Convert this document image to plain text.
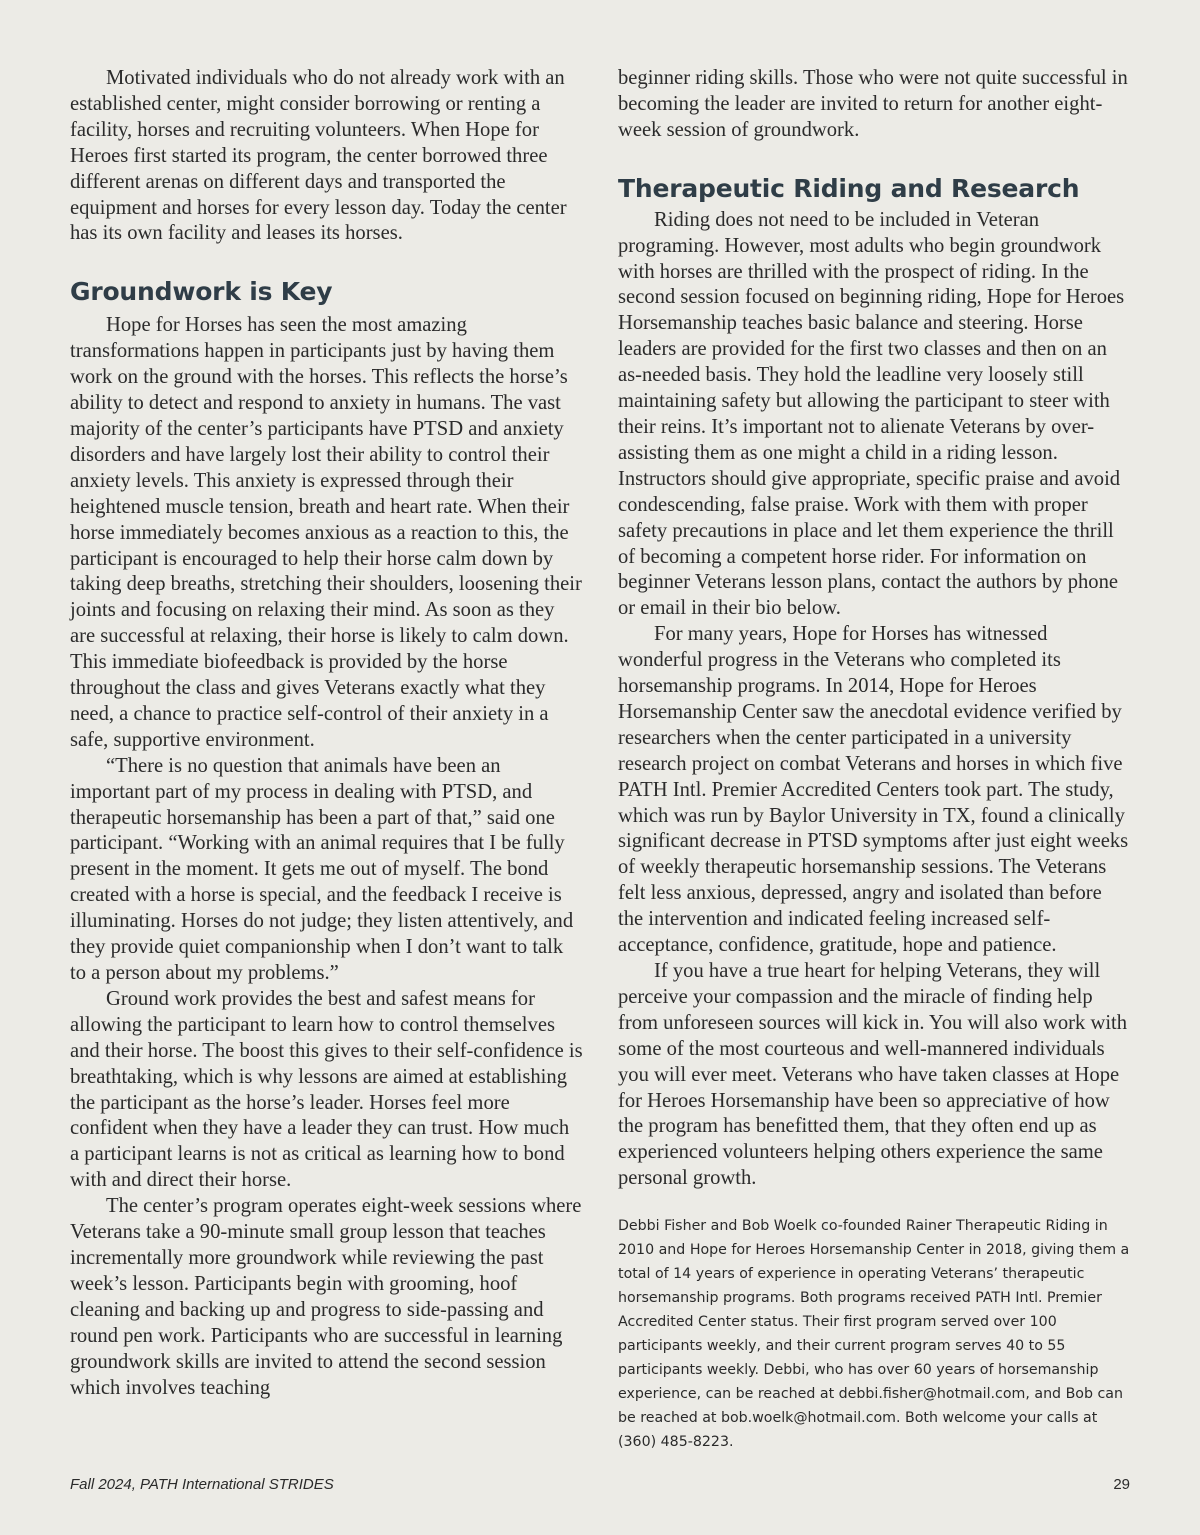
Motivated individuals who do not already work with an established center, might consider borrowing or renting a facility, horses and recruiting volunteers. When Hope for Heroes first started its program, the center borrowed three different arenas on different days and transported the equipment and horses for every lesson day. Today the center has its own facility and leases its horses.

Groundwork is Key

Hope for Horses has seen the most amazing transformations happen in participants just by having them work on the ground with the horses. This reflects the horse’s ability to detect and respond to anxiety in humans. The vast majority of the center’s participants have PTSD and anxiety disorders and have largely lost their ability to control their anxiety levels. This anxiety is expressed through their heightened muscle tension, breath and heart rate. When their horse immediately becomes anxious as a reaction to this, the participant is encouraged to help their horse calm down by taking deep breaths, stretching their shoulders, loosening their joints and focusing on relaxing their mind. As soon as they are successful at relaxing, their horse is likely to calm down. This immediate biofeedback is provided by the horse throughout the class and gives Veterans exactly what they need, a chance to practice self-control of their anxiety in a safe, supportive environment.

“There is no question that animals have been an important part of my process in dealing with PTSD, and therapeutic horsemanship has been a part of that,” said one participant. “Working with an animal requires that I be fully present in the moment. It gets me out of myself. The bond created with a horse is special, and the feedback I receive is illuminating. Horses do not judge; they listen attentively, and they provide quiet companionship when I don’t want to talk to a person about my problems.”

Ground work provides the best and safest means for allowing the participant to learn how to control themselves and their horse. The boost this gives to their self-confidence is breathtaking, which is why lessons are aimed at establishing the participant as the horse’s leader. Horses feel more confident when they have a leader they can trust. How much a participant learns is not as critical as learning how to bond with and direct their horse.

The center’s program operates eight-week sessions where Veterans take a 90-minute small group lesson that teaches incrementally more groundwork while reviewing the past week’s lesson. Participants begin with grooming, hoof cleaning and backing up and progress to side-passing and round pen work. Participants who are successful in learning groundwork skills are invited to attend the second session which involves teaching

beginner riding skills. Those who were not quite successful in becoming the leader are invited to return for another eight-week session of groundwork.

Therapeutic Riding and Research

Riding does not need to be included in Veteran programing. However, most adults who begin groundwork with horses are thrilled with the prospect of riding. In the second session focused on beginning riding, Hope for Heroes Horsemanship teaches basic balance and steering. Horse leaders are provided for the first two classes and then on an as-needed basis. They hold the leadline very loosely still maintaining safety but allowing the participant to steer with their reins. It’s important not to alienate Veterans by over-assisting them as one might a child in a riding lesson. Instructors should give appropriate, specific praise and avoid condescending, false praise. Work with them with proper safety precautions in place and let them experience the thrill of becoming a competent horse rider. For information on beginner Veterans lesson plans, contact the authors by phone or email in their bio below.

For many years, Hope for Horses has witnessed wonderful progress in the Veterans who completed its horsemanship programs. In 2014, Hope for Heroes Horsemanship Center saw the anecdotal evidence verified by researchers when the center participated in a university research project on combat Veterans and horses in which five PATH Intl. Premier Accredited Centers took part. The study, which was run by Baylor University in TX, found a clinically significant decrease in PTSD symptoms after just eight weeks of weekly therapeutic horsemanship sessions. The Veterans felt less anxious, depressed, angry and isolated than before the intervention and indicated feeling increased self-acceptance, confidence, gratitude, hope and patience.

If you have a true heart for helping Veterans, they will perceive your compassion and the miracle of finding help from unforeseen sources will kick in. You will also work with some of the most courteous and well-mannered individuals you will ever meet. Veterans who have taken classes at Hope for Heroes Horsemanship have been so appreciative of how the program has benefitted them, that they often end up as experienced volunteers helping others experience the same personal growth.

Debbi Fisher and Bob Woelk co-founded Rainer Therapeutic Riding in 2010 and Hope for Heroes Horsemanship Center in 2018, giving them a total of 14 years of experience in operating Veterans’ therapeutic horsemanship programs. Both programs received PATH Intl. Premier Accredited Center status. Their first program served over 100 participants weekly, and their current program serves 40 to 55 participants weekly. Debbi, who has over 60 years of horsemanship experience, can be reached at debbi.fisher@hotmail.com, and Bob can be reached at bob.woelk@hotmail.com. Both welcome your calls at (360) 485-8223.
Fall 2024, PATH International STRIDES	29
